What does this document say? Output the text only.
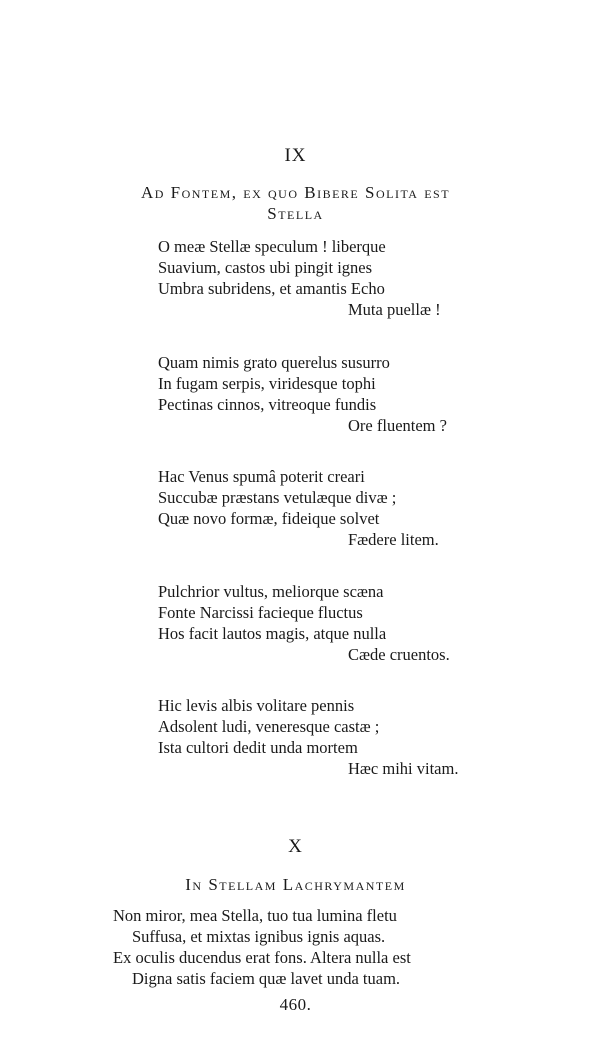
IX
Ad Fontem, ex quo Bibere Solita est
Stella
O meæ Stellæ speculum ! liberque
Suavium, castos ubi pingit ignes
Umbra subridens, et amantis Echo
Muta puellæ !
Quam nimis grato querelus susurro
In fugam serpis, viridesque tophi
Pectinas cinnos, vitreoque fundis
Ore fluentem ?
Hac Venus spumâ poterit creari
Succubæ præstans vetulæque divæ ;
Quæ novo formæ, fideique solvet
Fædere litem.
Pulchrior vultus, meliorque scæna
Fonte Narcissi facieque fluctus
Hos facit lautos magis, atque nulla
Cæde cruentos.
Hic levis albis volitare pennis
Adsolent ludi, veneresque castæ ;
Ista cultori dedit unda mortem
Hæc mihi vitam.
X
In Stellam Lachrymantem
Non miror, mea Stella, tuo tua lumina fletu
Suffusa, et mixtas ignibus ignis aquas.
Ex oculis ducendus erat fons. Altera nulla est
Digna satis faciem quæ lavet unda tuam.
460.
